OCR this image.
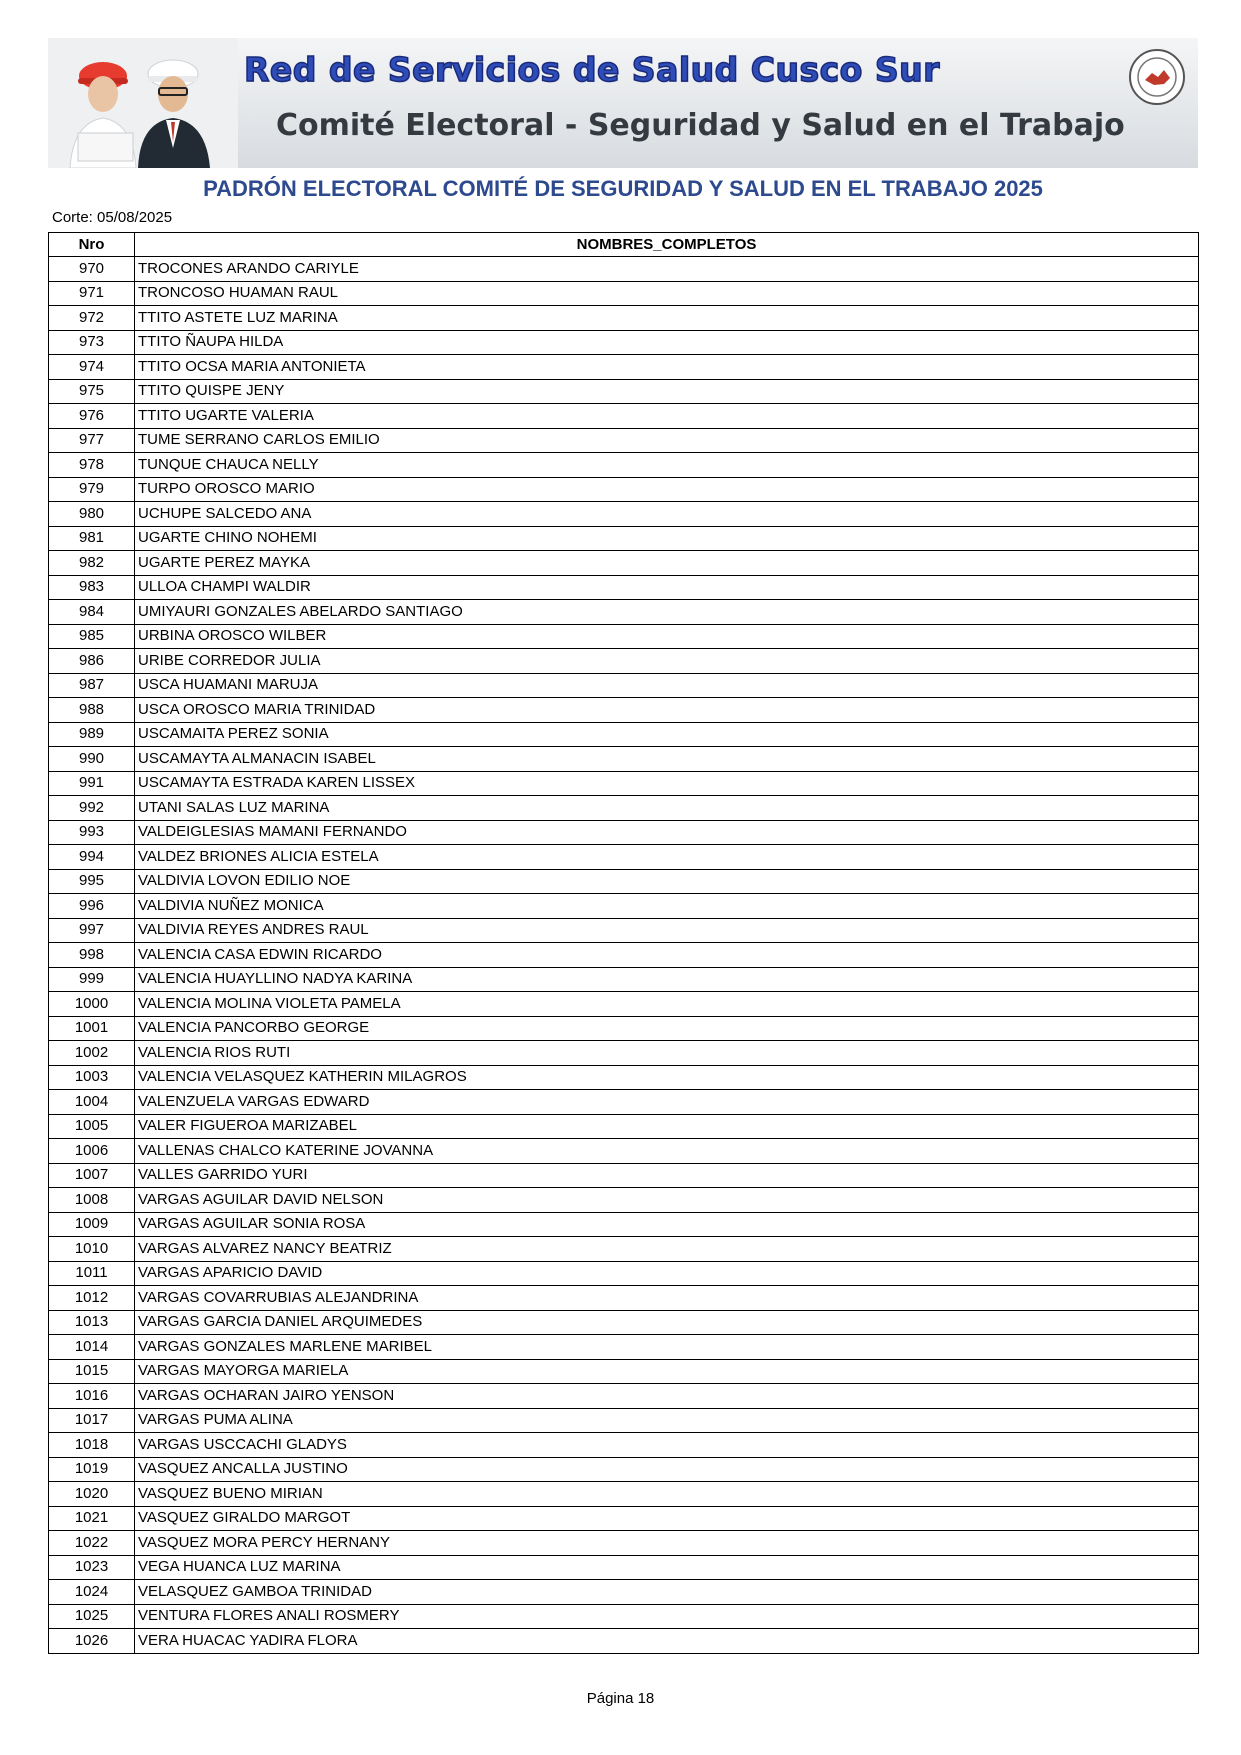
Red de Servicios de Salud Cusco Sur
Comité Electoral - Seguridad y Salud en el Trabajo
PADRÓN ELECTORAL COMITÉ DE SEGURIDAD Y SALUD EN EL TRABAJO 2025
Corte: 05/08/2025
Nro	NOMBRES_COMPLETOS
970	TROCONES ARANDO CARIYLE
971	TRONCOSO HUAMAN RAUL
972	TTITO ASTETE LUZ MARINA
973	TTITO ÑAUPA HILDA
974	TTITO OCSA MARIA ANTONIETA
975	TTITO QUISPE JENY
976	TTITO UGARTE VALERIA
977	TUME SERRANO CARLOS EMILIO
978	TUNQUE CHAUCA NELLY
979	TURPO OROSCO MARIO
980	UCHUPE SALCEDO ANA
981	UGARTE CHINO NOHEMI
982	UGARTE PEREZ MAYKA
983	ULLOA CHAMPI WALDIR
984	UMIYAURI GONZALES ABELARDO SANTIAGO
985	URBINA OROSCO WILBER
986	URIBE CORREDOR JULIA
987	USCA HUAMANI MARUJA
988	USCA OROSCO MARIA TRINIDAD
989	USCAMAITA PEREZ SONIA
990	USCAMAYTA ALMANACIN ISABEL
991	USCAMAYTA ESTRADA KAREN LISSEX
992	UTANI SALAS LUZ MARINA
993	VALDEIGLESIAS MAMANI FERNANDO
994	VALDEZ BRIONES ALICIA ESTELA
995	VALDIVIA LOVON EDILIO NOE
996	VALDIVIA NUÑEZ MONICA
997	VALDIVIA REYES ANDRES RAUL
998	VALENCIA CASA EDWIN RICARDO
999	VALENCIA HUAYLLINO NADYA KARINA
1000	VALENCIA MOLINA VIOLETA PAMELA
1001	VALENCIA PANCORBO GEORGE
1002	VALENCIA RIOS RUTI
1003	VALENCIA VELASQUEZ KATHERIN MILAGROS
1004	VALENZUELA VARGAS EDWARD
1005	VALER FIGUEROA MARIZABEL
1006	VALLENAS CHALCO KATERINE JOVANNA
1007	VALLES GARRIDO YURI
1008	VARGAS AGUILAR DAVID NELSON
1009	VARGAS AGUILAR SONIA ROSA
1010	VARGAS ALVAREZ NANCY BEATRIZ
1011	VARGAS APARICIO DAVID
1012	VARGAS COVARRUBIAS ALEJANDRINA
1013	VARGAS GARCIA DANIEL ARQUIMEDES
1014	VARGAS GONZALES MARLENE MARIBEL
1015	VARGAS MAYORGA MARIELA
1016	VARGAS OCHARAN JAIRO YENSON
1017	VARGAS PUMA ALINA
1018	VARGAS USCCACHI GLADYS
1019	VASQUEZ ANCALLA JUSTINO
1020	VASQUEZ BUENO MIRIAN
1021	VASQUEZ GIRALDO MARGOT
1022	VASQUEZ MORA PERCY HERNANY
1023	VEGA HUANCA LUZ MARINA
1024	VELASQUEZ GAMBOA TRINIDAD
1025	VENTURA FLORES ANALI ROSMERY
1026	VERA HUACAC YADIRA FLORA
Página 18
